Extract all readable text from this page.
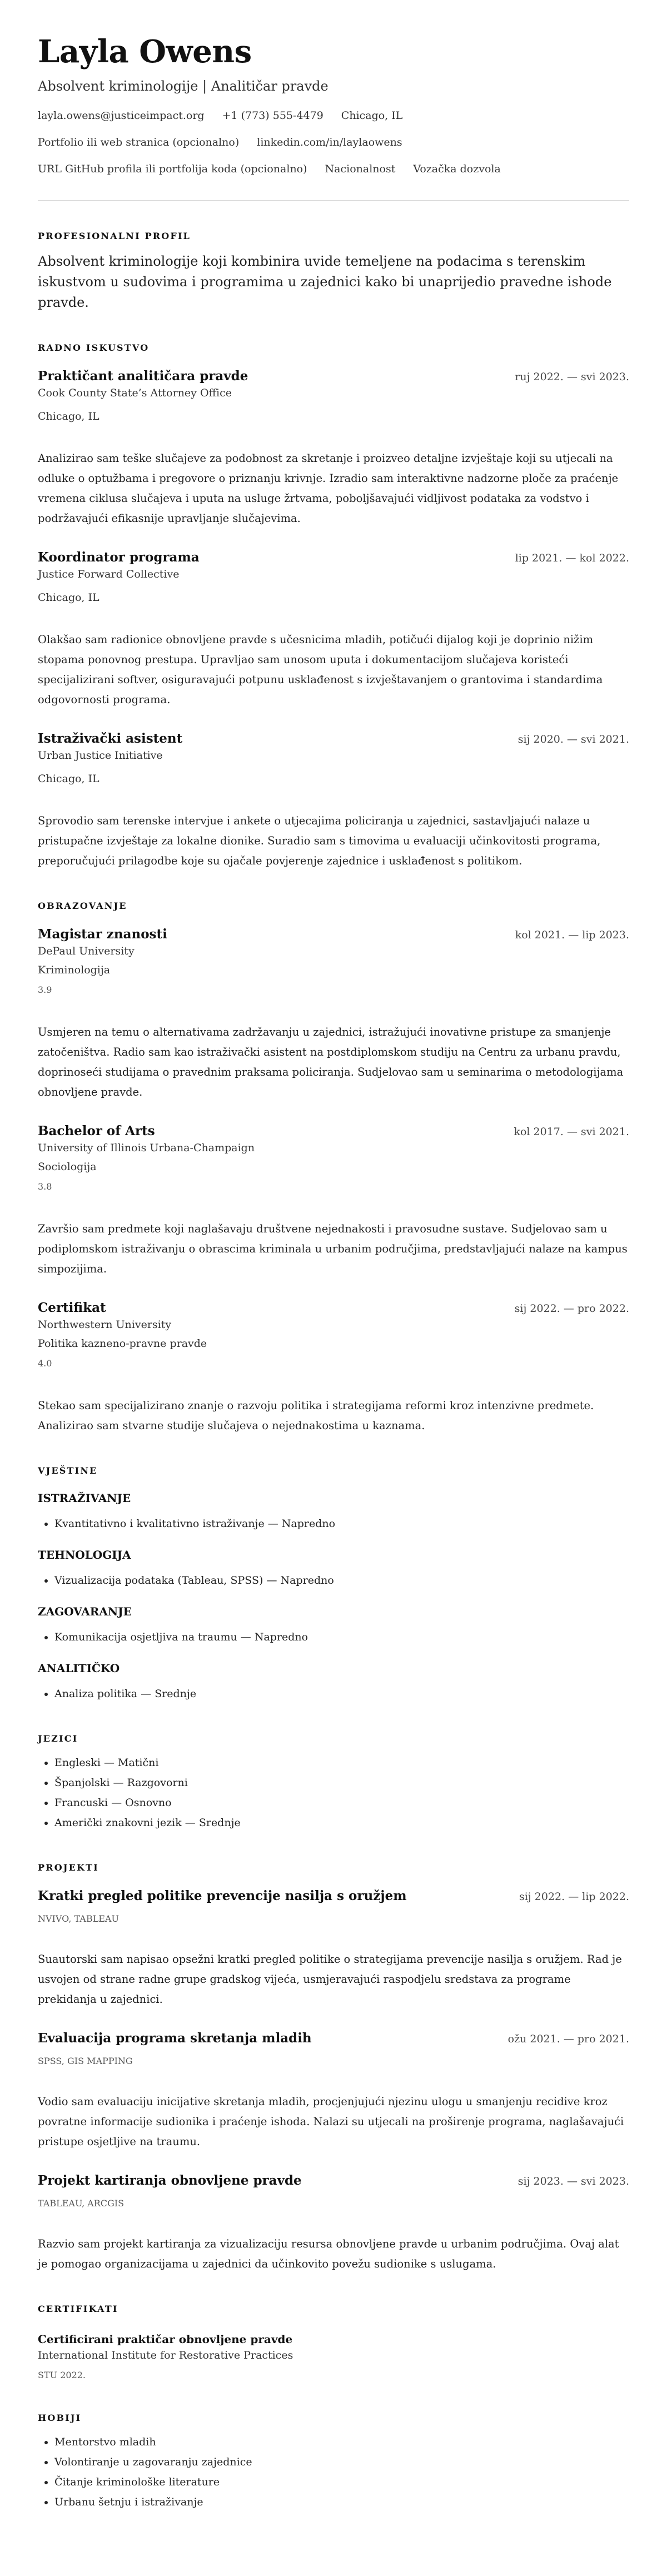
Layla Owens
Absolvent kriminologije | Analitičar pravde
layla.owens@justiceimpact.org +1 (773) 555-4479 Chicago, IL
Portfolio ili web stranica (opcionalno) linkedin.com/in/laylaowens
URL GitHub profila ili portfolija koda (opcionalno) Nacionalnost Vozačka dozvola
PROFESIONALNI PROFIL

Absolvent kriminologije koji kombinira uvide temeljene na podacima s terenskim iskustvom u sudovima i programima u zajednici kako bi unaprijedio pravedne ishode pravde.

RADNO ISKUSTVO
Praktičant analitičara pravde	ruj 2022. — svi 2023.
Cook County State’s Attorney Office
Chicago, IL
Analizirao sam teške slučajeve za podobnost za skretanje i proizveo detaljne izvještaje koji su utjecali na odluke o optužbama i pregovore o priznanju krivnje. Izradio sam interaktivne nadzorne ploče za praćenje vremena ciklusa slučajeva i uputa na usluge žrtvama, poboljšavajući vidljivost podataka za vodstvo i podržavajući efikasnije upravljanje slučajevima.
Koordinator programa	lip 2021. — kol 2022.
Justice Forward Collective
Chicago, IL
Olakšao sam radionice obnovljene pravde s učesnicima mladih, potičući dijalog koji je doprinio nižim stopama ponovnog prestupa. Upravljao sam unosom uputa i dokumentacijom slučajeva koristeći specijalizirani softver, osiguravajući potpunu usklađenost s izvještavanjem o grantovima i standardima odgovornosti programa.
Istraživački asistent	sij 2020. — svi 2021.
Urban Justice Initiative
Chicago, IL
Sprovodio sam terenske intervjue i ankete o utjecajima policiranja u zajednici, sastavljajući nalaze u pristupačne izvještaje za lokalne dionike. Suradio sam s timovima u evaluaciji učinkovitosti programa, preporučujući prilagodbe koje su ojačale povjerenje zajednice i usklađenost s politikom.
OBRAZOVANJE
Magistar znanosti	kol 2021. — lip 2023.
DePaul University
Kriminologija
3.9
Usmjeren na temu o alternativama zadržavanju u zajednici, istražujući inovativne pristupe za smanjenje zatočeništva. Radio sam kao istraživački asistent na postdiplomskom studiju na Centru za urbanu pravdu, doprinoseći studijama o pravednim praksama policiranja. Sudjelovao sam u seminarima o metodologijama obnovljene pravde.
Bachelor of Arts	kol 2017. — svi 2021.
University of Illinois Urbana-Champaign
Sociologija
3.8
Završio sam predmete koji naglašavaju društvene nejednakosti i pravosudne sustave. Sudjelovao sam u podiplomskom istraživanju o obrascima kriminala u urbanim područjima, predstavljajući nalaze na kampus simpozijima.
Certifikat	sij 2022. — pro 2022.
Northwestern University
Politika kazneno-pravne pravde
4.0
Stekao sam specijalizirano znanje o razvoju politika i strategijama reformi kroz intenzivne predmete. Analizirao sam stvarne studije slučajeva o nejednakostima u kaznama.
VJEŠTINE
ISTRAŽIVANJE
• Kvantitativno i kvalitativno istraživanje — Napredno
TEHNOLOGIJA
• Vizualizacija podataka (Tableau, SPSS) — Napredno
ZAGOVARANJE
• Komunikacija osjetljiva na traumu — Napredno
ANALITIČKO
• Analiza politika — Srednje
JEZICI
• Engleski — Matični
• Španjolski — Razgovorni
• Francuski — Osnovno
• Američki znakovni jezik — Srednje
PROJEKTI
Kratki pregled politike prevencije nasilja s oružjem	sij 2022. — lip 2022.
NVIVO, TABLEAU
Suautorski sam napisao opsežni kratki pregled politike o strategijama prevencije nasilja s oružjem. Rad je usvojen od strane radne grupe gradskog vijeća, usmjeravajući raspodjelu sredstava za programe prekidanja u zajednici.
Evaluacija programa skretanja mladih	ožu 2021. — pro 2021.
SPSS, GIS MAPPING
Vodio sam evaluaciju inicijative skretanja mladih, procjenjujući njezinu ulogu u smanjenju recidive kroz povratne informacije sudionika i praćenje ishoda. Nalazi su utjecali na proširenje programa, naglašavajući pristupe osjetljive na traumu.
Projekt kartiranja obnovljene pravde	sij 2023. — svi 2023.
TABLEAU, ARCGIS
Razvio sam projekt kartiranja za vizualizaciju resursa obnovljene pravde u urbanim područjima. Ovaj alat je pomogao organizacijama u zajednici da učinkovito povežu sudionike s uslugama.
CERTIFIKATI
Certificirani praktičar obnovljene pravde
International Institute for Restorative Practices
STU 2022.
HOBIJI
• Mentorstvo mladih
• Volontiranje u zagovaranju zajednice
• Čitanje kriminološke literature
• Urbanu šetnju i istraživanje
